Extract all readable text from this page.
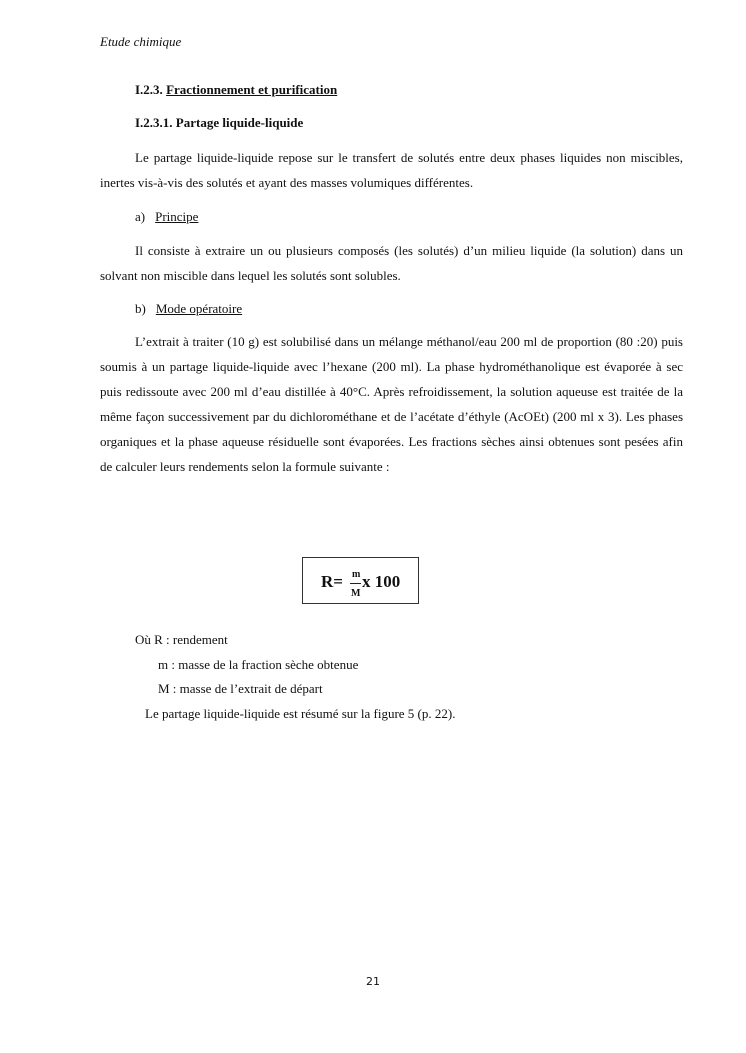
Etude chimique
I.2.3. Fractionnement et purification
I.2.3.1. Partage liquide-liquide
Le partage liquide-liquide repose sur le transfert de solutés entre deux phases liquides non miscibles, inertes vis-à-vis des solutés et ayant des masses volumiques différentes.
a) Principe
Il consiste à extraire un ou plusieurs composés (les solutés) d’un milieu liquide (la solution) dans un solvant non miscible dans lequel les solutés sont solubles.
b) Mode opératoire
L’extrait à traiter (10 g) est solubilisé dans un mélange méthanol/eau 200 ml de proportion (80 :20) puis soumis à un partage liquide-liquide avec l’hexane (200 ml). La phase hydrométhanolique est évaporée à sec puis redissoute avec 200 ml d’eau distillée à 40°C. Après refroidissement, la solution aqueuse est traitée de la même façon successivement par du dichlorométhane et de l’acétate d’éthyle (AcOEt) (200 ml x 3). Les phases organiques et la phase aqueuse résiduelle sont évaporées. Les fractions sèches ainsi obtenues sont pesées afin de calculer leurs rendements selon la formule suivante :
R= m
M
x 100
Où R : rendement
m : masse de la fraction sèche obtenue
M : masse de l’extrait de départ
Le partage liquide-liquide est résumé sur la figure 5 (p. 22).
21
